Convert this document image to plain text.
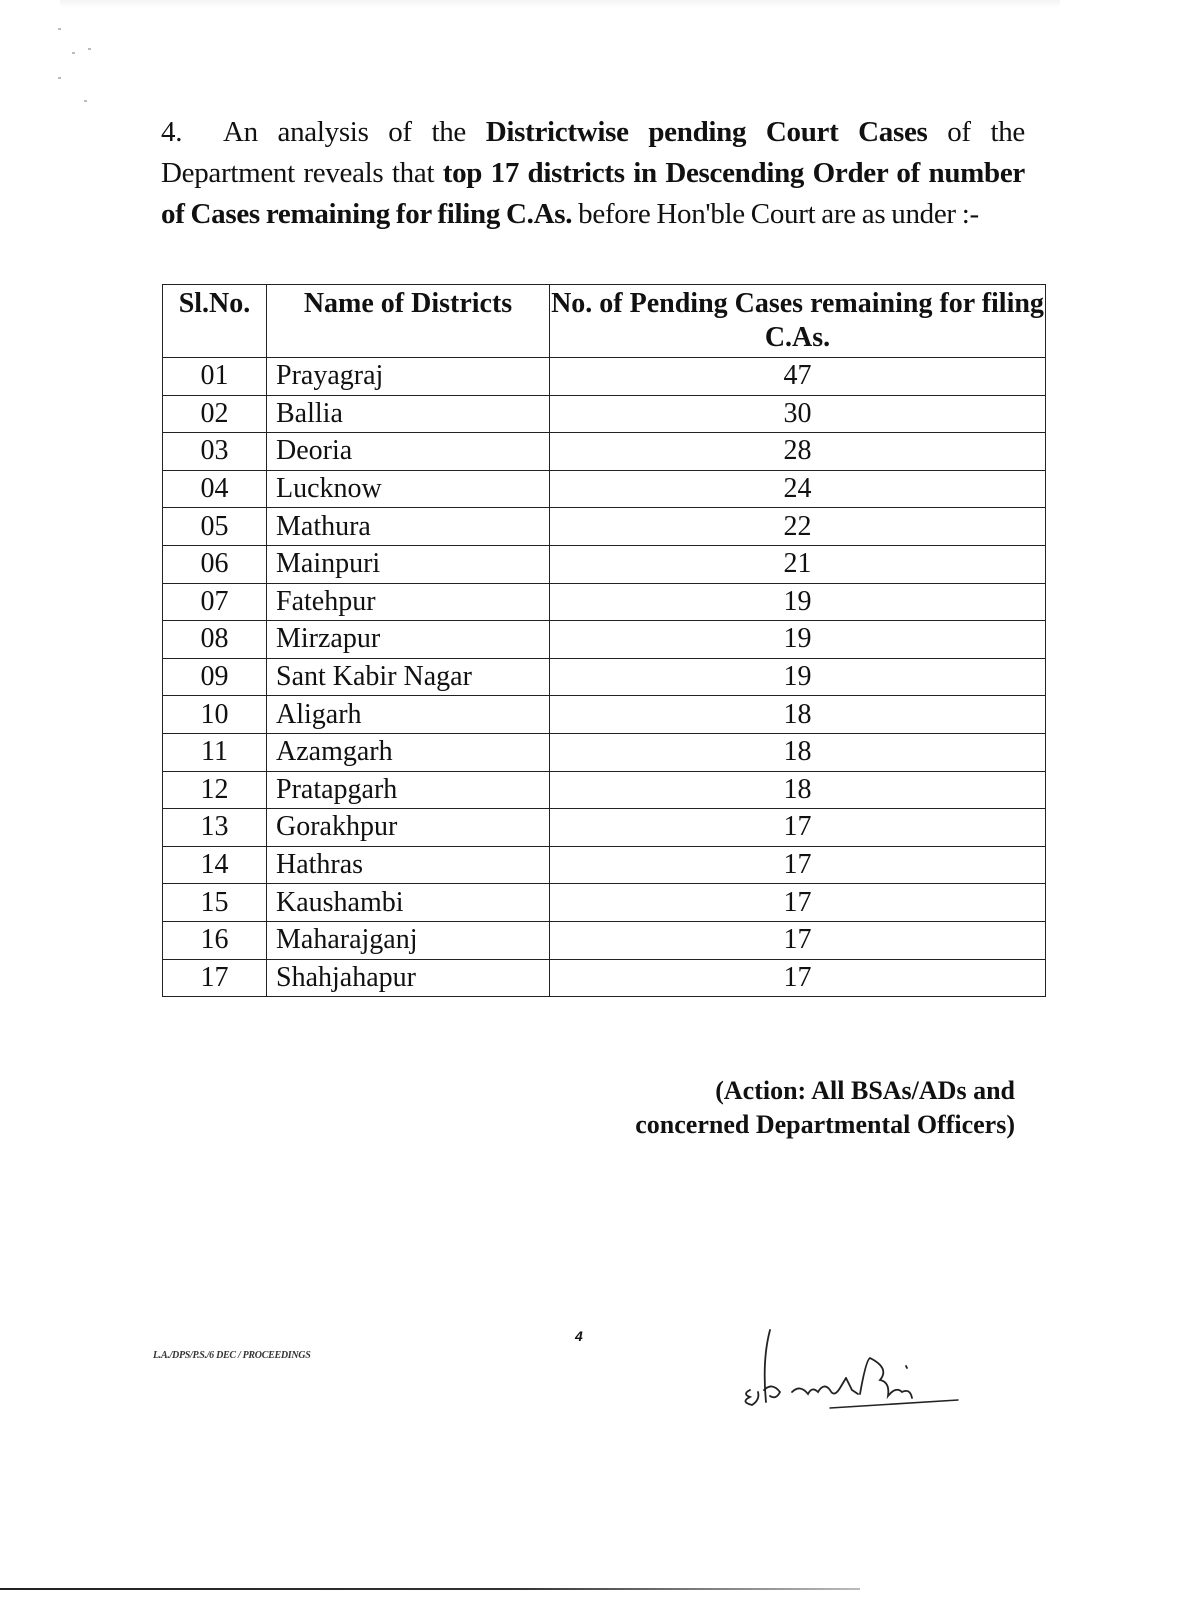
4. An analysis of the Districtwise pending Court Cases of the Department reveals that top 17 districts in Descending Order of number of Cases remaining for filing C.As. before Hon'ble Court are as under :-

Sl.No.	Name of Districts	No. of Pending Cases remaining for filing C.As.
01	Prayagraj	47
02	Ballia	30
03	Deoria	28
04	Lucknow	24
05	Mathura	22
06	Mainpuri	21
07	Fatehpur	19
08	Mirzapur	19
09	Sant Kabir Nagar	19
10	Aligarh	18
11	Azamgarh	18
12	Pratapgarh	18
13	Gorakhpur	17
14	Hathras	17
15	Kaushambi	17
16	Maharajganj	17
17	Shahjahapur	17
(Action: All BSAs/ADs and
concerned Departmental Officers)
4
L.A./DPS/P.S./6 DEC / PROCEEDINGS
